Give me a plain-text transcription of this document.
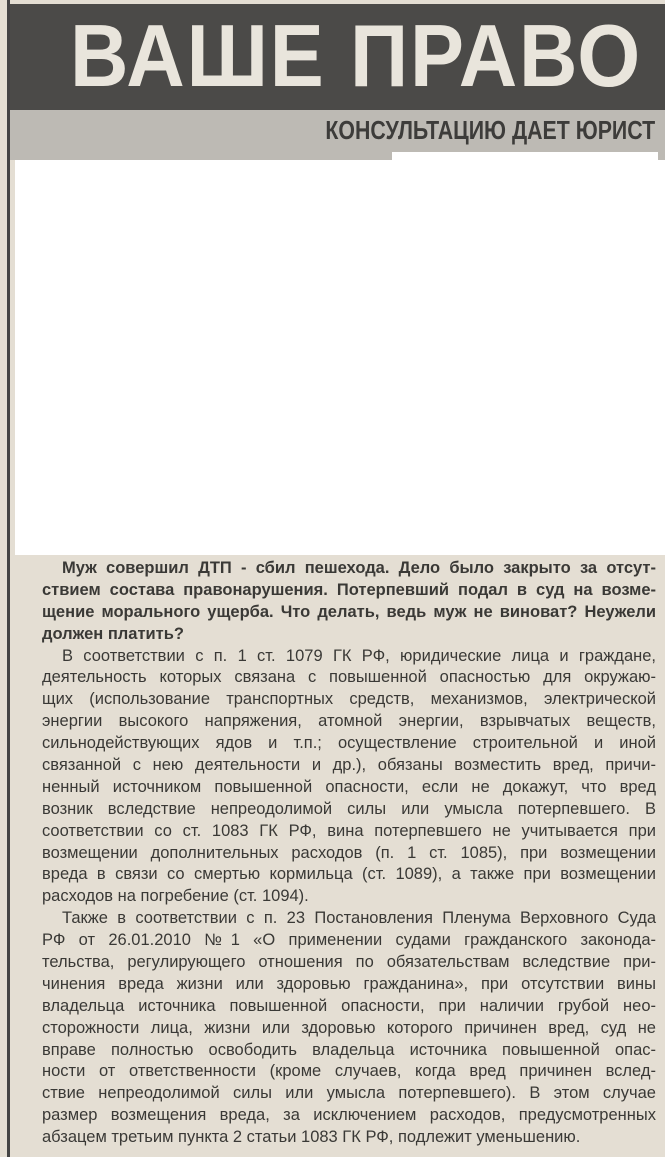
ВАШЕ ПРАВО
КОНСУЛЬТАЦИЮ ДАЕТ ЮРИСТ
Муж совершил ДТП - сбил пешехода. Дело было закрыто за отсут-
ствием состава правонарушения. Потерпевший подал в суд на возме-
щение морального ущерба. Что делать, ведь муж не виноват? Неужели
должен платить?
В соответствии с п. 1 ст. 1079 ГК РФ, юридические лица и граждане,
деятельность которых связана с повышенной опасностью для окружаю-
щих (использование транспортных средств, механизмов, электрической
энергии высокого напряжения, атомной энергии, взрывчатых веществ,
сильнодействующих ядов и т.п.; осуществление строительной и иной
связанной с нею деятельности и др.), обязаны возместить вред, причи-
ненный источником повышенной опасности, если не докажут, что вред
возник вследствие непреодолимой силы или умысла потерпевшего. В
соответствии со ст. 1083 ГК РФ, вина потерпевшего не учитывается при
возмещении дополнительных расходов (п. 1 ст. 1085), при возмещении
вреда в связи со смертью кормильца (ст. 1089), а также при возмещении
расходов на погребение (ст. 1094).
Также в соответствии с п. 23 Постановления Пленума Верховного Суда
РФ от 26.01.2010 №1 «О применении судами гражданского законода-
тельства, регулирующего отношения по обязательствам вследствие при-
чинения вреда жизни или здоровью гражданина», при отсутствии вины
владельца источника повышенной опасности, при наличии грубой нео-
сторожности лица, жизни или здоровью которого причинен вред, суд не
вправе полностью освободить владельца источника повышенной опас-
ности от ответственности (кроме случаев, когда вред причинен вслед-
ствие непреодолимой силы или умысла потерпевшего). В этом случае
размер возмещения вреда, за исключением расходов, предусмотренных
абзацем третьим пункта 2 статьи 1083 ГК РФ, подлежит уменьшению.
